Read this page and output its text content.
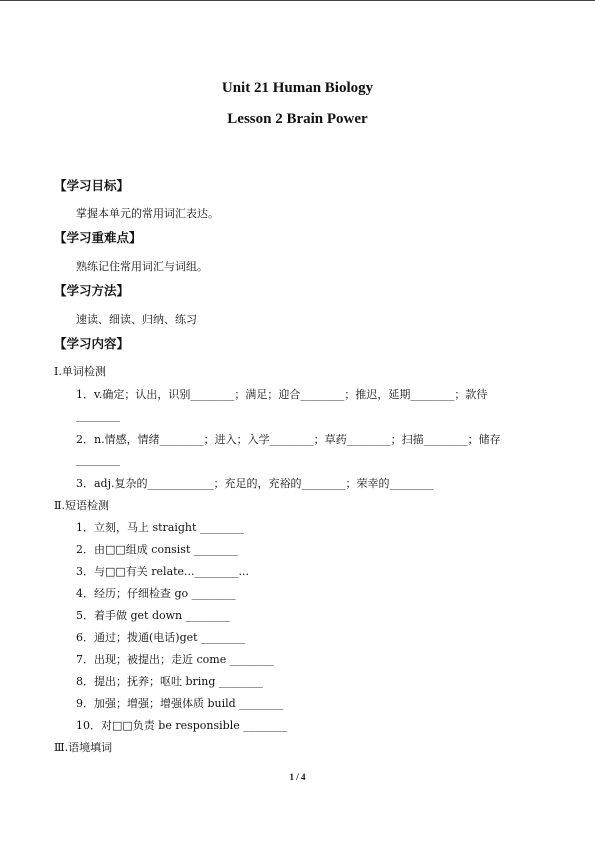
Unit 21 Human Biology
Lesson 2 Brain Power
【学习目标】
掌握本单元的常用词汇表达。
【学习重难点】
熟练记住常用词汇与词组。
【学习方法】
速读、细读、归纳、练习
【学习内容】
Ⅰ.单词检测
1．v.确定；认出，识别________；满足；迎合________；推迟，延期________；款待
________
2．n.情感，情绪________；进入；入学________；草药________；扫描________；储存
________
3．adj.复杂的____________；充足的，充裕的________；荣幸的________
Ⅱ.短语检测
1．立刻，马上 straight ________
2．由□□组成 consist ________
3．与□□有关 relate...________...
4．经历；仔细检查 go ________
5．着手做 get down ________
6．通过；拨通(电话)get ________
7．出现；被提出；走近 come ________
8．提出；抚养；呕吐 bring ________
9．加强；增强；增强体质 build ________
10．对□□负责 be responsible ________
Ⅲ.语境填词
1 / 4
